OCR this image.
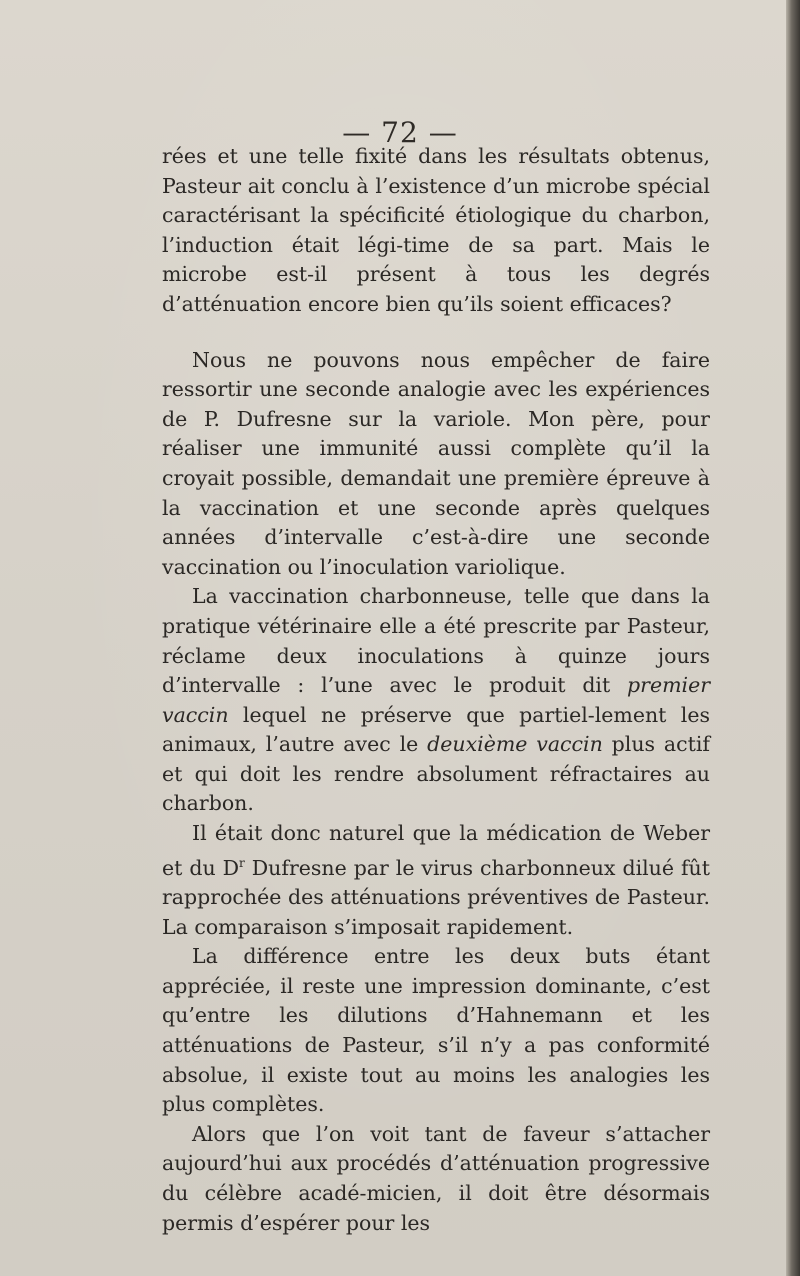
— 72 —

rées et une telle fixité dans les résultats obtenus, Pasteur ait conclu à l’existence d’un microbe spécial caractérisant la spécificité étiologique du charbon, l’induction était légi-time de sa part. Mais le microbe est-il présent à tous les degrés d’atténuation encore bien qu’ils soient efficaces?

Nous ne pouvons nous empêcher de faire ressortir une seconde analogie avec les expériences de P. Dufresne sur la variole. Mon père, pour réaliser une immunité aussi complète qu’il la croyait possible, demandait une première épreuve à la vaccination et une seconde après quelques années d’intervalle c’est-à-dire une seconde vaccination ou l’inoculation variolique.

La vaccination charbonneuse, telle que dans la pratique vétérinaire elle a été prescrite par Pasteur, réclame deux inoculations à quinze jours d’intervalle : l’une avec le produit dit premier vaccin lequel ne préserve que partiel-lement les animaux, l’autre avec le deuxième vaccin plus actif et qui doit les rendre absolument réfractaires au charbon.

Il était donc naturel que la médication de Weber et du $D^r$ Dufresne par le virus charbonneux dilué fût rapprochée des atténuations préventives de Pasteur. La comparaison s’imposait rapidement.

La différence entre les deux buts étant appréciée, il reste une impression dominante, c’est qu’entre les dilutions d’Hahnemann et les atténuations de Pasteur, s’il n’y a pas conformité absolue, il existe tout au moins les analogies les plus complètes.

Alors que l’on voit tant de faveur s’attacher aujourd’hui aux procédés d’atténuation progressive du célèbre acadé-micien, il doit être désormais permis d’espérer pour les
